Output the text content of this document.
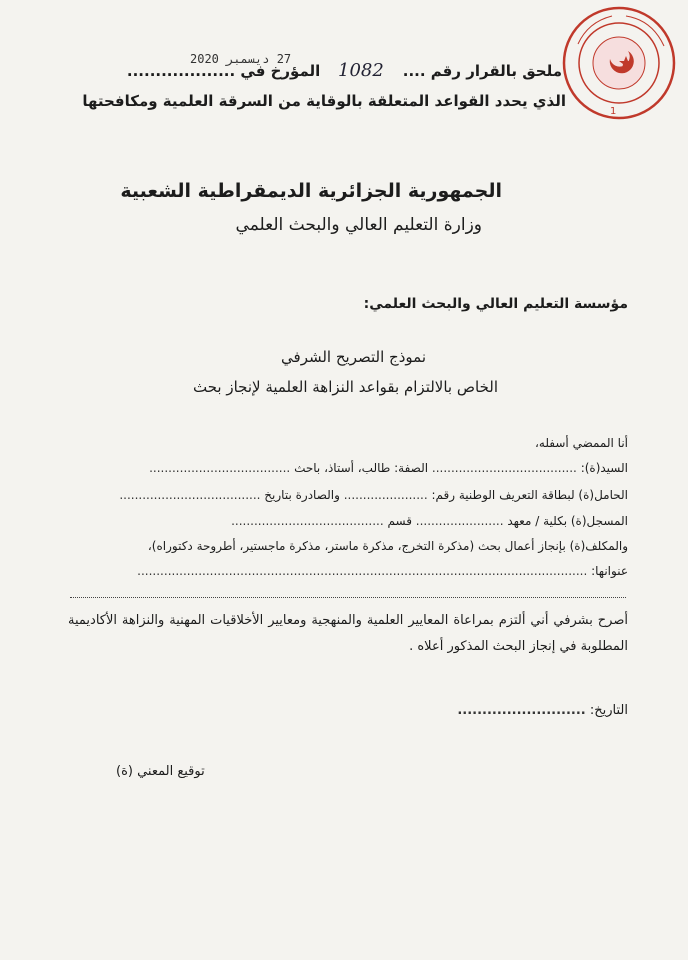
1
27 ديسمبر 2020
1082	ملحق بالقرار رقم ....  المؤرخ في ...................
الذي يحدد القواعد المتعلقة بالوقاية من السرقة العلمية ومكافحتها
الجمهورية الجزائرية الديمقراطية الشعبية
وزارة التعليم العالي والبحث العلمي
مؤسسة التعليم العالي والبحث العلمي:
نموذج التصريح الشرفي
الخاص بالالتزام بقواعد النزاهة العلمية لإنجاز بحث
أنا الممضي أسفله،
السيد(ة): ...................................... الصفة: طالب، أستاذ، باحث .....................................
الحامل(ة) لبطاقة التعريف الوطنية رقم: ...................... والصادرة بتاريخ .....................................
المسجل(ة) بكلية / معهد ....................... قسم ........................................
والمكلف(ة) بإنجاز أعمال بحث (مذكرة التخرج، مذكرة ماستر، مذكرة ماجستير، أطروحة دكتوراه)،
عنوانها: ......................................................................................................................
أصرح بشرفي أني ألتزم بمراعاة المعايير العلمية والمنهجية ومعايير الأخلاقيات المهنية والنزاهة الأكاديمية المطلوبة في إنجاز البحث المذكور أعلاه .
التاريخ: ..........................
توقيع المعني (ة)
